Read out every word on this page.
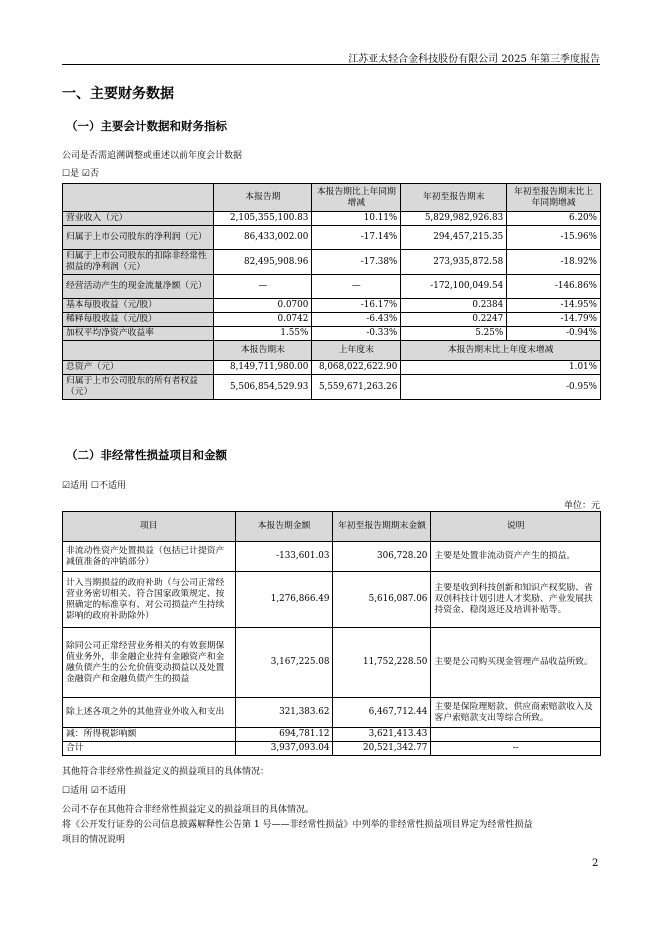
江苏亚太轻合金科技股份有限公司 2025 年第三季度报告
一、主要财务数据
（一）主要会计数据和财务指标
公司是否需追溯调整或重述以前年度会计数据
☐是 ☑否
	本报告期	本报告期比上年同期增减	年初至报告期末	年初至报告期末比上年同期增减
营业收入（元）	2,105,355,100.83	10.11%	5,829,982,926.83	6.20%
归属于上市公司股东的净利润（元）	86,433,002.00	-17.14%	294,457,215.35	-15.96%
归属于上市公司股东的扣除非经常性损益的净利润（元）	82,495,908.96	-17.38%	273,935,872.58	-18.92%
经营活动产生的现金流量净额（元）	—	—	-172,100,049.54	-146.86%
基本每股收益（元/股）	0.0700	-16.17%	0.2384	-14.95%
稀释每股收益（元/股）	0.0742	-6.43%	0.2247	-14.79%
加权平均净资产收益率	1.55%	-0.33%	5.25%	-0.94%
	本报告期末	上年度末	本报告期末比上年度末增减	
总资产（元）	8,149,711,980.00	8,068,022,622.90	1.01%	
归属于上市公司股东的所有者权益（元）	5,506,854,529.93	5,559,671,263.26	-0.95%	
（二）非经常性损益项目和金额
☑适用 ☐不适用
单位：元
项目	本报告期金额	年初至报告期期末金额	说明
非流动性资产处置损益（包括已计提资产减值准备的冲销部分）	-133,601.03	306,728.20	主要是处置非流动资产产生的损益。
计入当期损益的政府补助（与公司正常经营业务密切相关、符合国家政策规定、按照确定的标准享有、对公司损益产生持续影响的政府补助除外）	1,276,866.49	5,616,087.06	主要是收到科技创新和知识产权奖励、省双创科技计划引进人才奖励、产业发展扶持资金、稳岗返还及培训补贴等。
除同公司正常经营业务相关的有效套期保值业务外，非金融企业持有金融资产和金融负债产生的公允价值变动损益以及处置金融资产和金融负债产生的损益	3,167,225.08	11,752,228.50	主要是公司购买现金管理产品收益所致。
除上述各项之外的其他营业外收入和支出	321,383.62	6,467,712.44	主要是保险理赔款、供应商索赔款收入及客户索赔款支出等综合所致。
减：所得税影响额	694,781.12	3,621,413.43	
合计	3,937,093.04	20,521,342.77	--
其他符合非经常性损益定义的损益项目的具体情况：
☐适用 ☑不适用
公司不存在其他符合非经常性损益定义的损益项目的具体情况。
将《公开发行证券的公司信息披露解释性公告第 1 号——非经常性损益》中列举的非经常性损益项目界定为经常性损益
项目的情况说明
2
